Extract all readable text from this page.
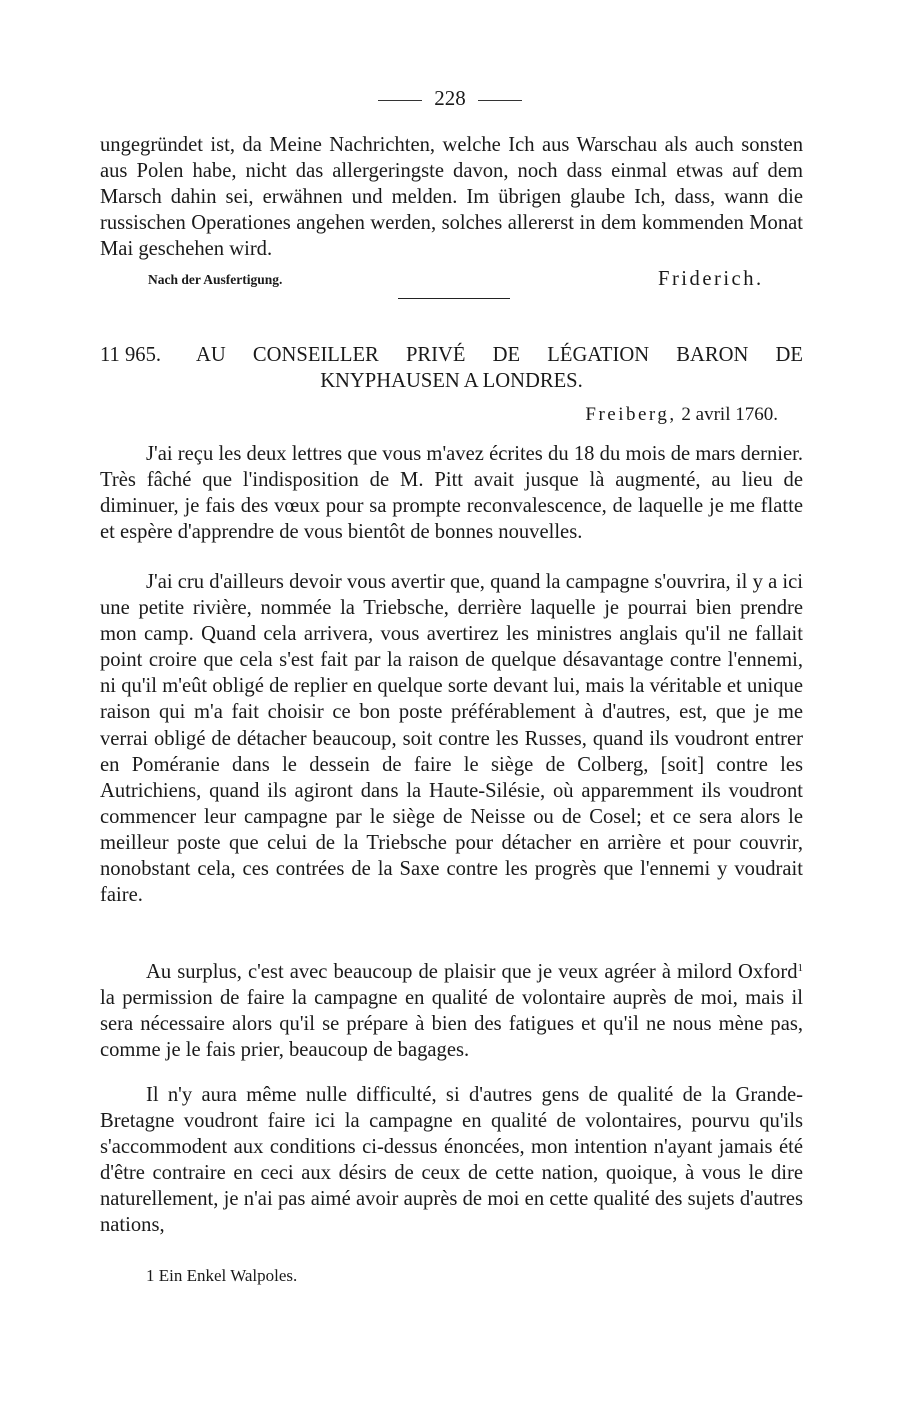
228

ungegründet ist, da Meine Nachrichten, welche Ich aus Warschau als auch sonsten aus Polen habe, nicht das allergeringste davon, noch dass einmal etwas auf dem Marsch dahin sei, erwähnen und melden. Im übrigen glaube Ich, dass, wann die russischen Operationes angehen werden, solches allererst in dem kommenden Monat Mai geschehen wird.

Nach der Ausfertigung.	Friderich.
11 965. AU CONSEILLER PRIVÉ DE LÉGATION BARON DE
KNYPHAUSEN A LONDRES.
Freiberg, 2 avril 1760.

J'ai reçu les deux lettres que vous m'avez écrites du 18 du mois de mars dernier. Très fâché que l'indisposition de M. Pitt avait jusque là augmenté, au lieu de diminuer, je fais des vœux pour sa prompte reconvalescence, de laquelle je me flatte et espère d'apprendre de vous bientôt de bonnes nouvelles.

J'ai cru d'ailleurs devoir vous avertir que, quand la campagne s'ouvrira, il y a ici une petite rivière, nommée la Triebsche, derrière laquelle je pourrai bien prendre mon camp. Quand cela arrivera, vous avertirez les ministres anglais qu'il ne fallait point croire que cela s'est fait par la raison de quelque désavantage contre l'ennemi, ni qu'il m'eût obligé de replier en quelque sorte devant lui, mais la véritable et unique raison qui m'a fait choisir ce bon poste préférablement à d'autres, est, que je me verrai obligé de détacher beaucoup, soit contre les Russes, quand ils voudront entrer en Poméranie dans le dessein de faire le siège de Colberg, [soit] contre les Autrichiens, quand ils agiront dans la Haute-Silésie, où apparemment ils voudront commencer leur campagne par le siège de Neisse ou de Cosel; et ce sera alors le meilleur poste que celui de la Triebsche pour détacher en arrière et pour couvrir, nonobstant cela, ces contrées de la Saxe contre les progrès que l'ennemi y voudrait faire.

Au surplus, c'est avec beaucoup de plaisir que je veux agréer à milord Oxford$^1$ la permission de faire la campagne en qualité de volontaire auprès de moi, mais il sera nécessaire alors qu'il se prépare à bien des fatigues et qu'il ne nous mène pas, comme je le fais prier, beaucoup de bagages.

Il n'y aura même nulle difficulté, si d'autres gens de qualité de la Grande-Bretagne voudront faire ici la campagne en qualité de volontaires, pourvu qu'ils s'accommodent aux conditions ci-dessus énoncées, mon intention n'ayant jamais été d'être contraire en ceci aux désirs de ceux de cette nation, quoique, à vous le dire naturellement, je n'ai pas aimé avoir auprès de moi en cette qualité des sujets d'autres nations,

1 Ein Enkel Walpoles.
